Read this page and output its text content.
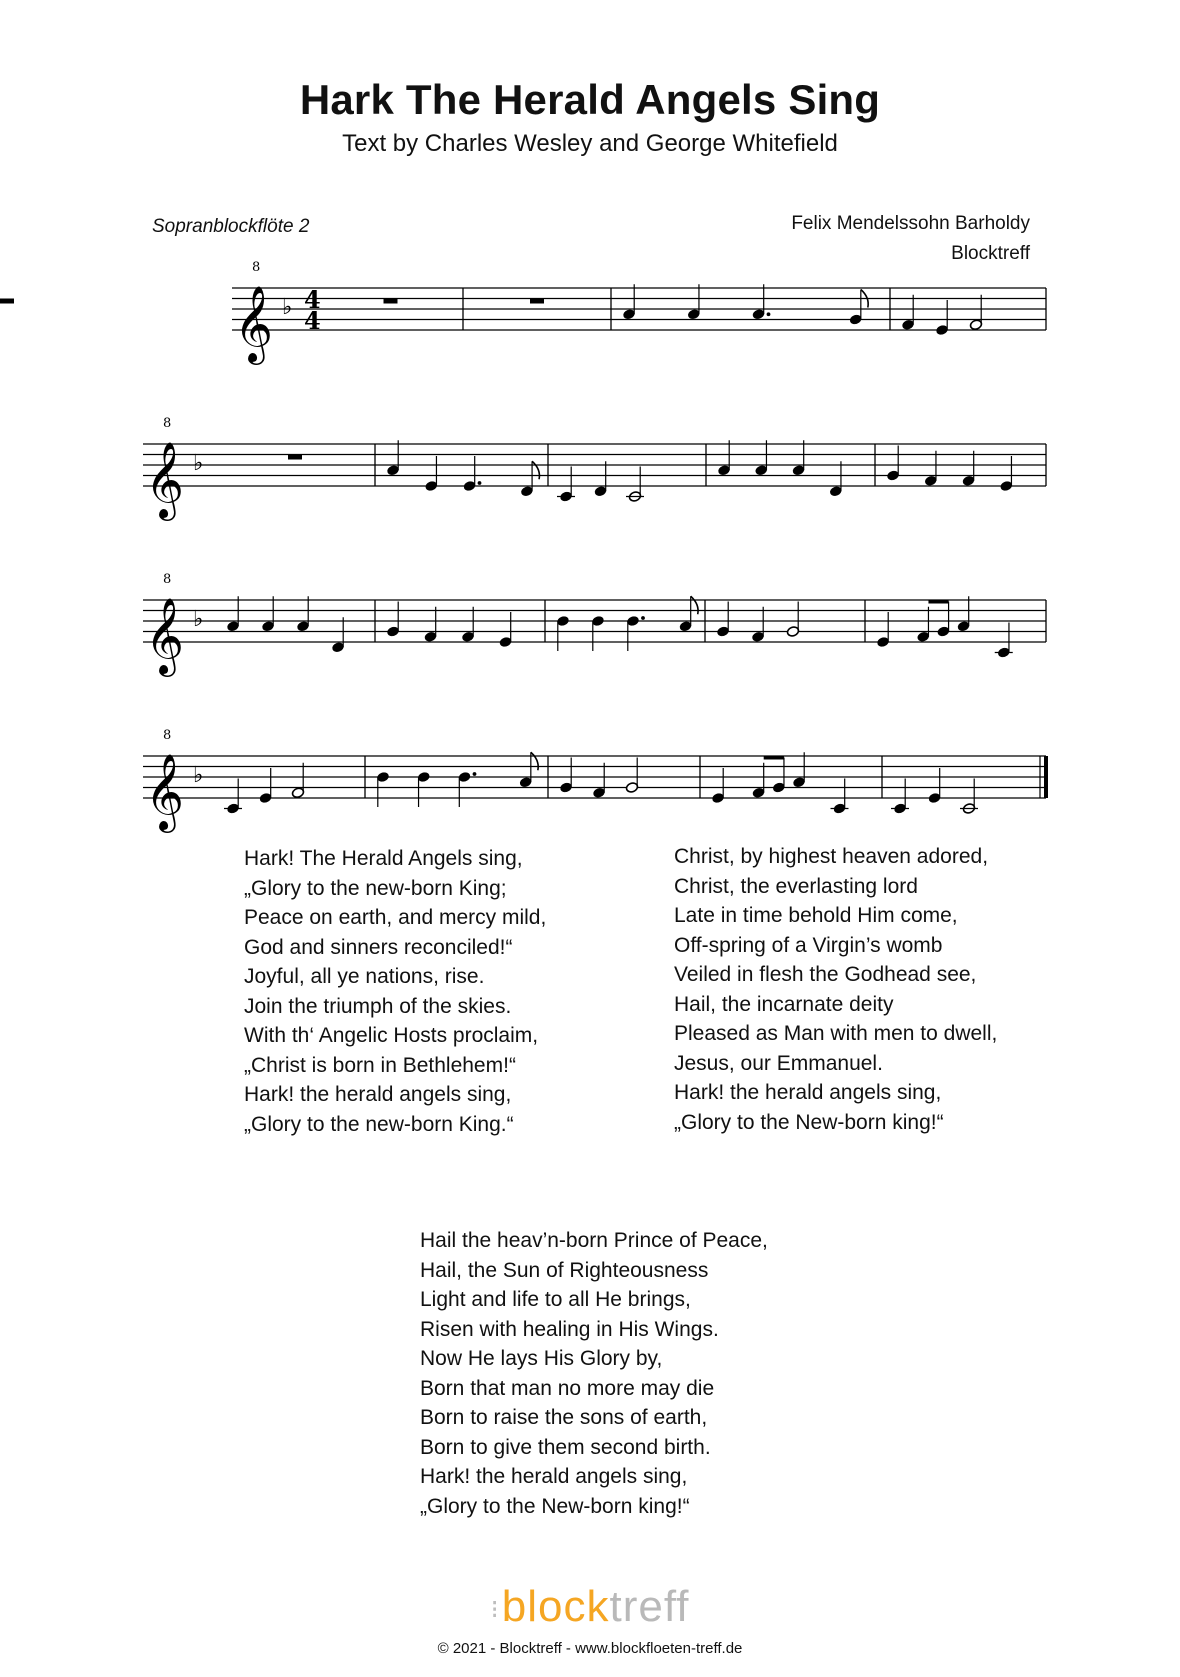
Hark The Herald Angels Sing
Text by Charles Wesley and George Whitefield
Sopranblockflöte 2	Felix Mendelssohn Barholdy
Blocktreff
𝄞
8
♭ 4
4
𝄞
8
♭
𝄞
8
♭
𝄞
8
♭
Hark! The Herald Angels sing,
„Glory to the new-born King;
Peace on earth, and mercy mild,
God and sinners reconciled!“
Joyful, all ye nations, rise.
Join the triumph of the skies.
With th‘ Angelic Hosts proclaim,
„Christ is born in Bethlehem!“
Hark! the herald angels sing,
„Glory to the new-born King.“
Christ, by highest heaven adored,
Christ, the everlasting lord
Late in time behold Him come,
Off-spring of a Virgin’s womb
Veiled in flesh the Godhead see,
Hail, the incarnate deity
Pleased as Man with men to dwell,
Jesus, our Emmanuel.
Hark! the herald angels sing,
„Glory to the New-born king!“
Hail the heav’n-born Prince of Peace,
Hail, the Sun of Righteousness
Light and life to all He brings,
Risen with healing in His Wings.
Now He lays His Glory by,
Born that man no more may die
Born to raise the sons of earth,
Born to give them second birth.
Hark! the herald angels sing,
„Glory to the New-born king!“
⁝blocktreff
© 2021 - Blocktreff - www.blockfloeten-treff.de
